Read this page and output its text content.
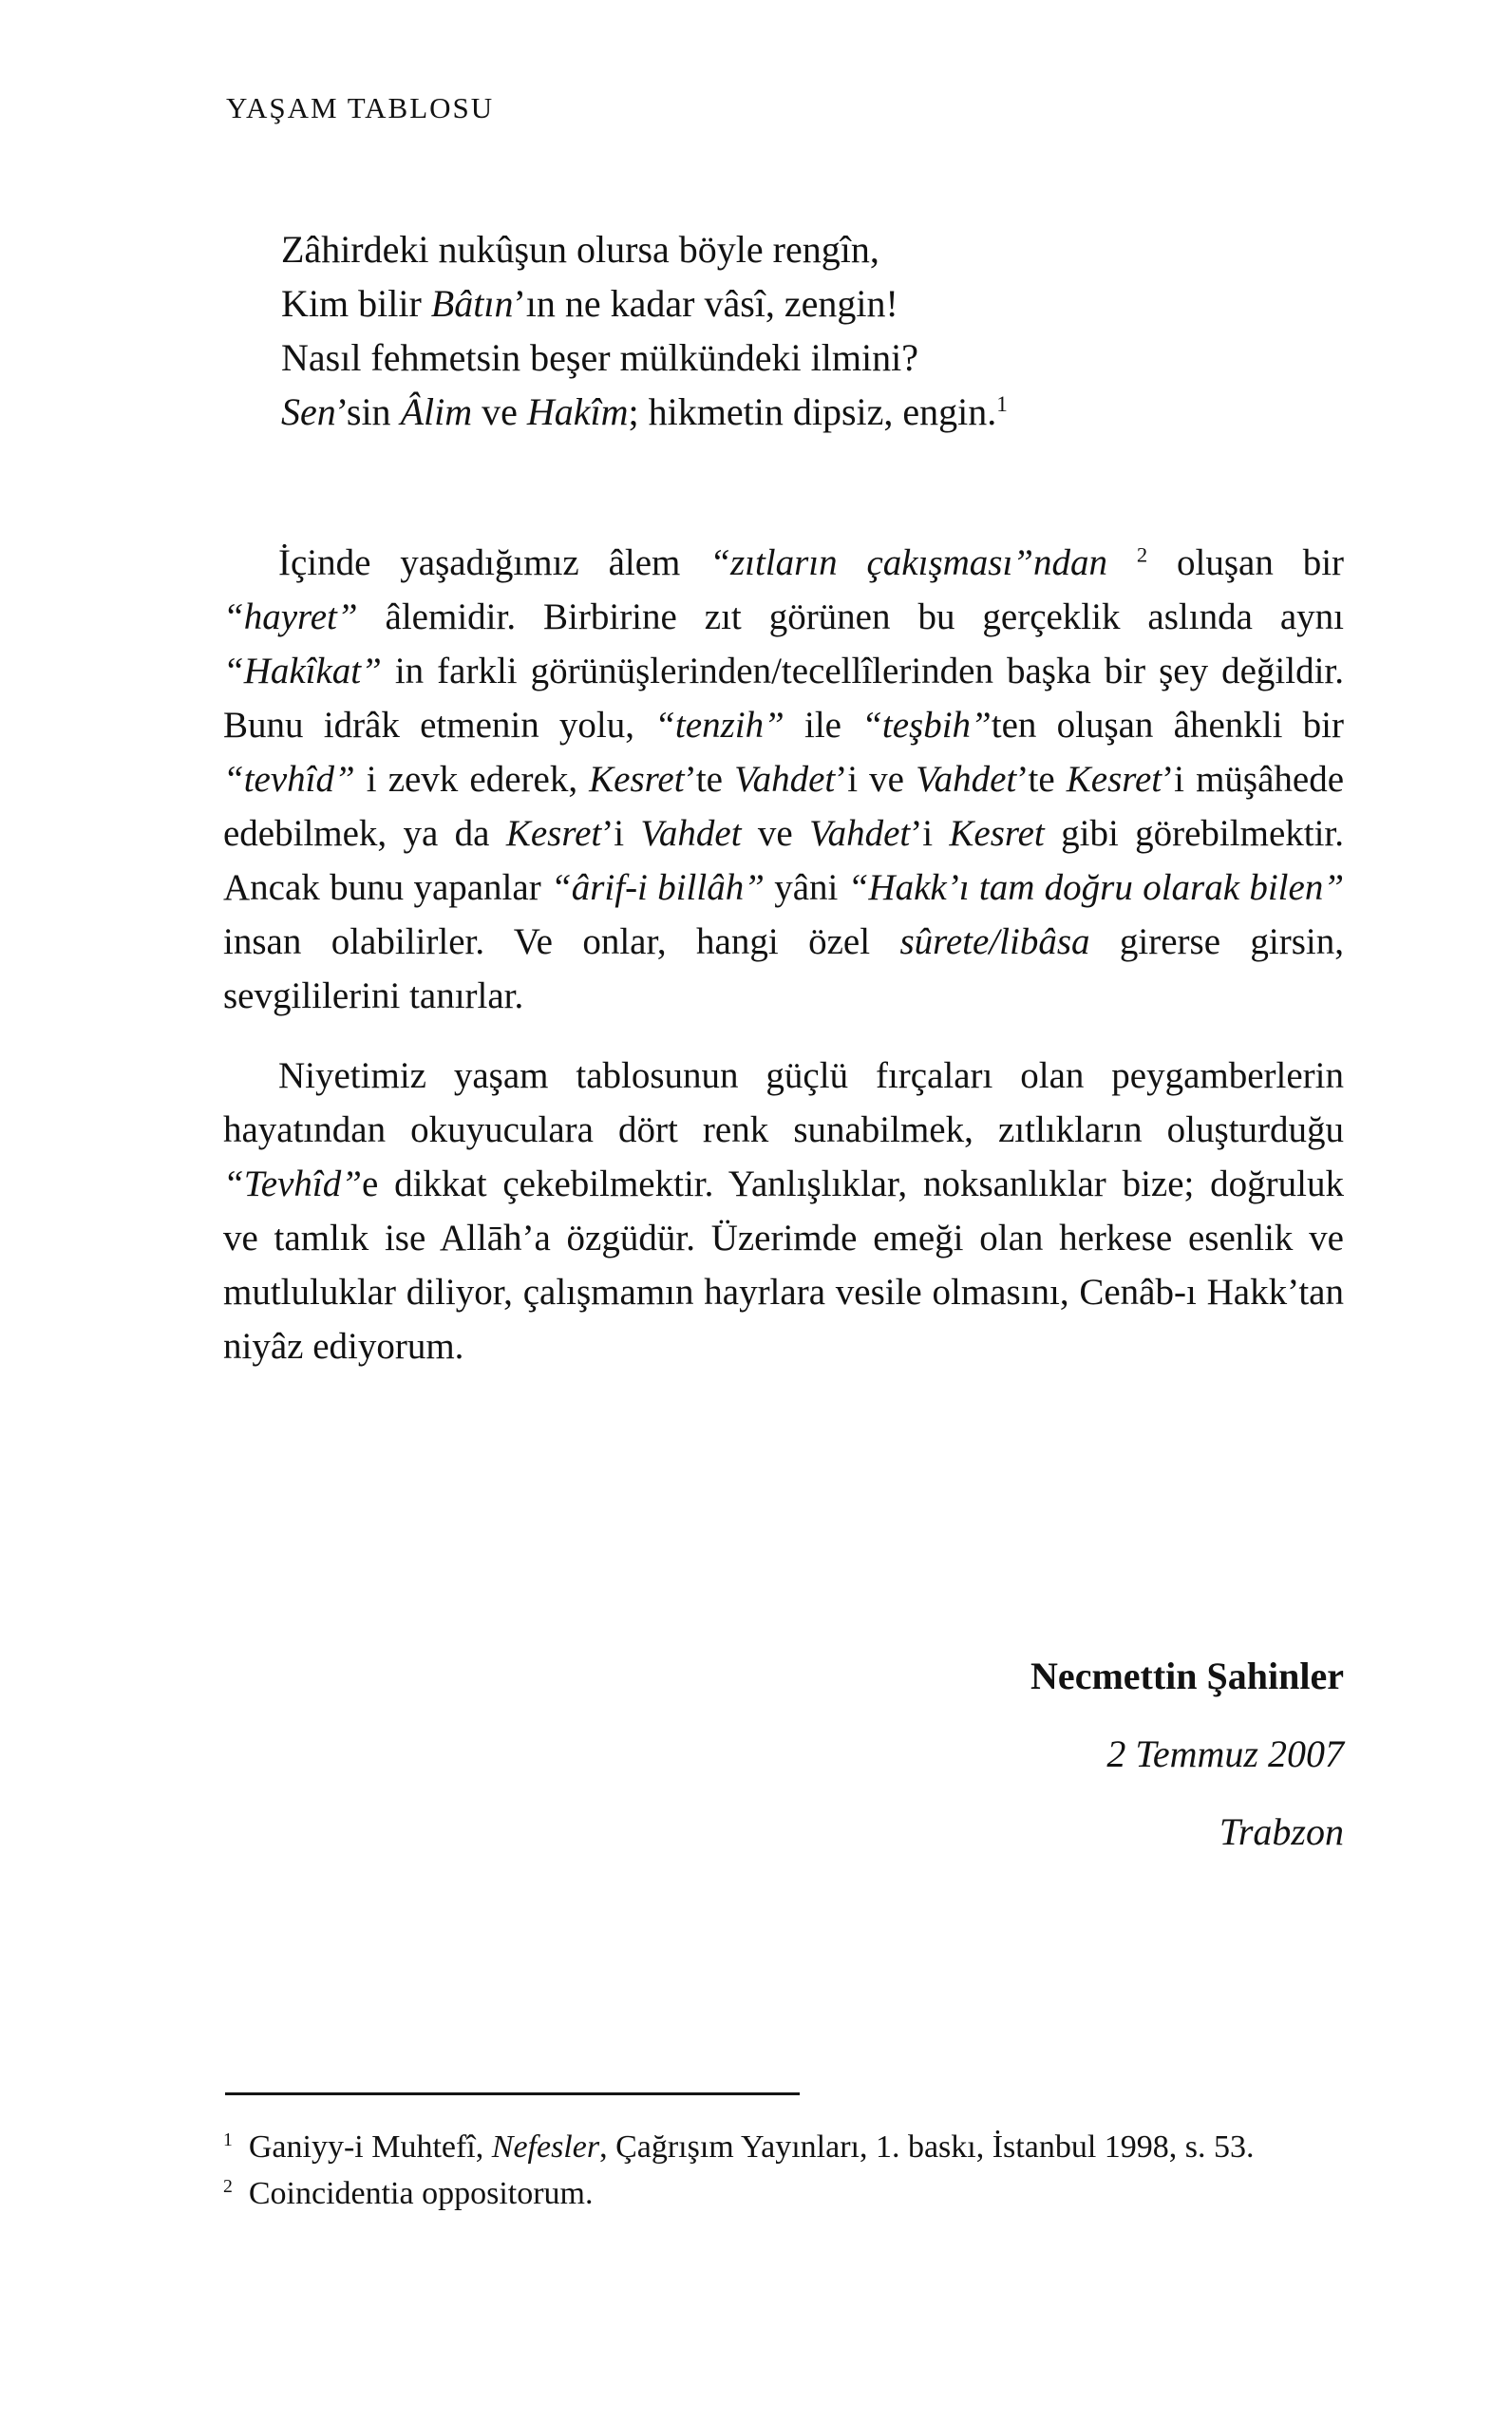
YAŞAM TABLOSU
Zâhirdeki nukûşun olursa böyle rengîn,
Kim bilir Bâtın’ın ne kadar vâsî, zengin!
Nasıl fehmetsin beşer mülkündeki ilmini?
Sen’sin Âlim ve Hakîm; hikmetin dipsiz, engin.$^1$

İçinde yaşadığımız âlem “zıtların çakışması”ndan $^2$ oluşan bir “hayret” âlemidir. Birbirine zıt görünen bu gerçeklik aslında aynı “Hakîkat” in farkli görünüşlerinden/tecellîlerinden başka bir şey değildir. Bunu idrâk etmenin yolu, “tenzih” ile “teşbih”ten oluşan âhenkli bir “tevhîd” i zevk ederek, Kesret’te Vahdet’i ve Vahdet’te Kesret’i müşâhede edebilmek, ya da Kesret’i Vahdet ve Vahdet’i Kesret gibi görebilmektir. Ancak bunu yapanlar “ârif-i billâh” yâni “Hakk’ı tam doğru olarak bilen” insan olabilirler. Ve onlar, hangi özel sûrete/libâsa girerse girsin, sevgililerini tanırlar.

Niyetimiz yaşam tablosunun güçlü fırçaları olan peygamberlerin hayatından okuyuculara dört renk sunabilmek, zıtlıkların oluşturduğu “Tevhîd”e dikkat çekebilmektir. Yanlışlıklar, noksanlıklar bize; doğruluk ve tamlık ise Allāh’a özgüdür. Üzerimde emeği olan herkese esenlik ve mutluluklar diliyor, çalışmamın hayrlara vesile olmasını, Cenâb-ı Hakk’tan niyâz ediyorum.

Necmettin Şahinler
2 Temmuz 2007
Trabzon
$^1$  Ganiyy-i Muhtefî, Nefesler, Çağrışım Yayınları, 1. baskı, İstanbul 1998, s. 53.
$^2$  Coincidentia oppositorum.
